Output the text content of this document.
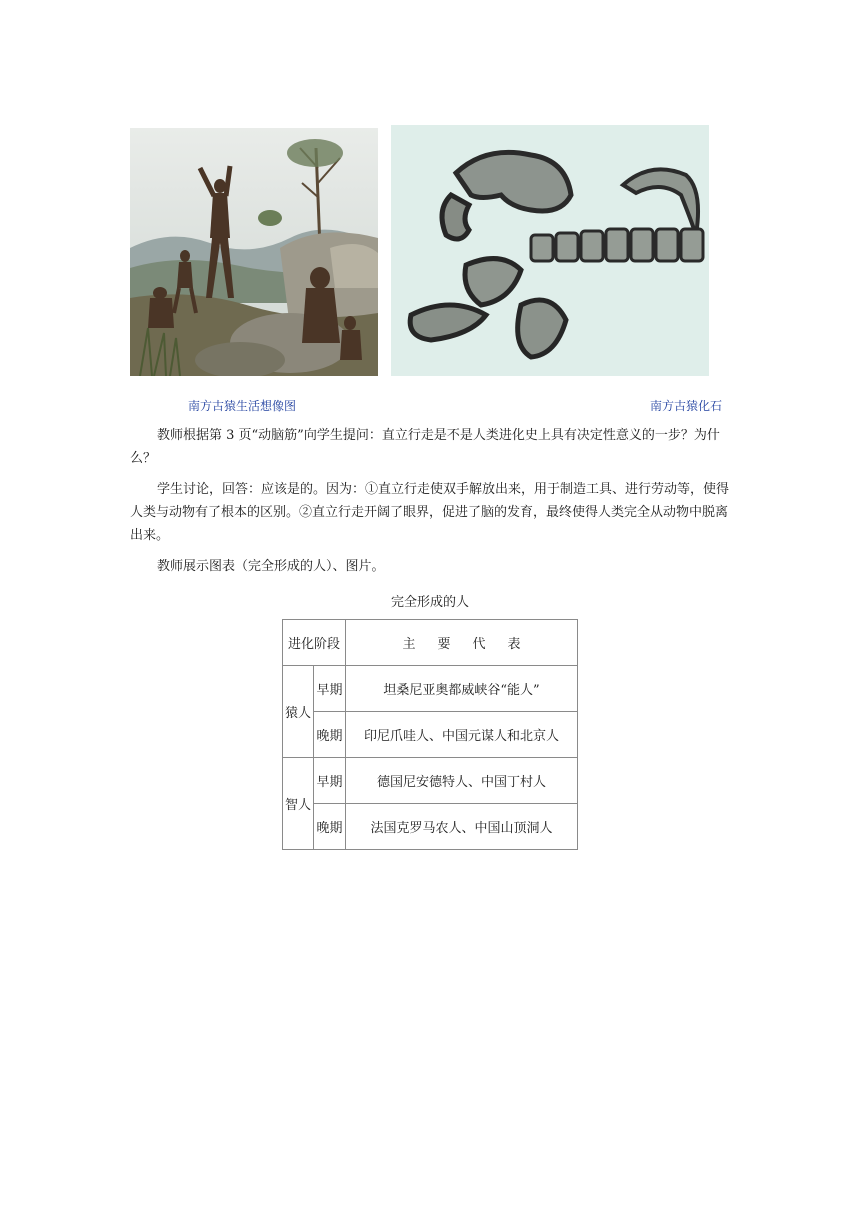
南方古猿生活想像图	南方古猿化石

教师根据第 3 页“动脑筋”向学生提问：直立行走是不是人类进化史上具有决定性意义的一步？为什么？

学生讨论，回答：应该是的。因为：①直立行走使双手解放出来，用于制造工具、进行劳动等，使得人类与动物有了根本的区别。②直立行走开阔了眼界，促进了脑的发育，最终使得人类完全从动物中脱离出来。

教师展示图表（完全形成的人）、图片。

完全形成的人
进化阶段		主要代表
猿人	早期	坦桑尼亚奥都威峡谷“能人”
	晚期	印尼爪哇人、中国元谋人和北京人
智人	早期	德国尼安德特人、中国丁村人
	晚期	法国克罗马农人、中国山顶洞人
